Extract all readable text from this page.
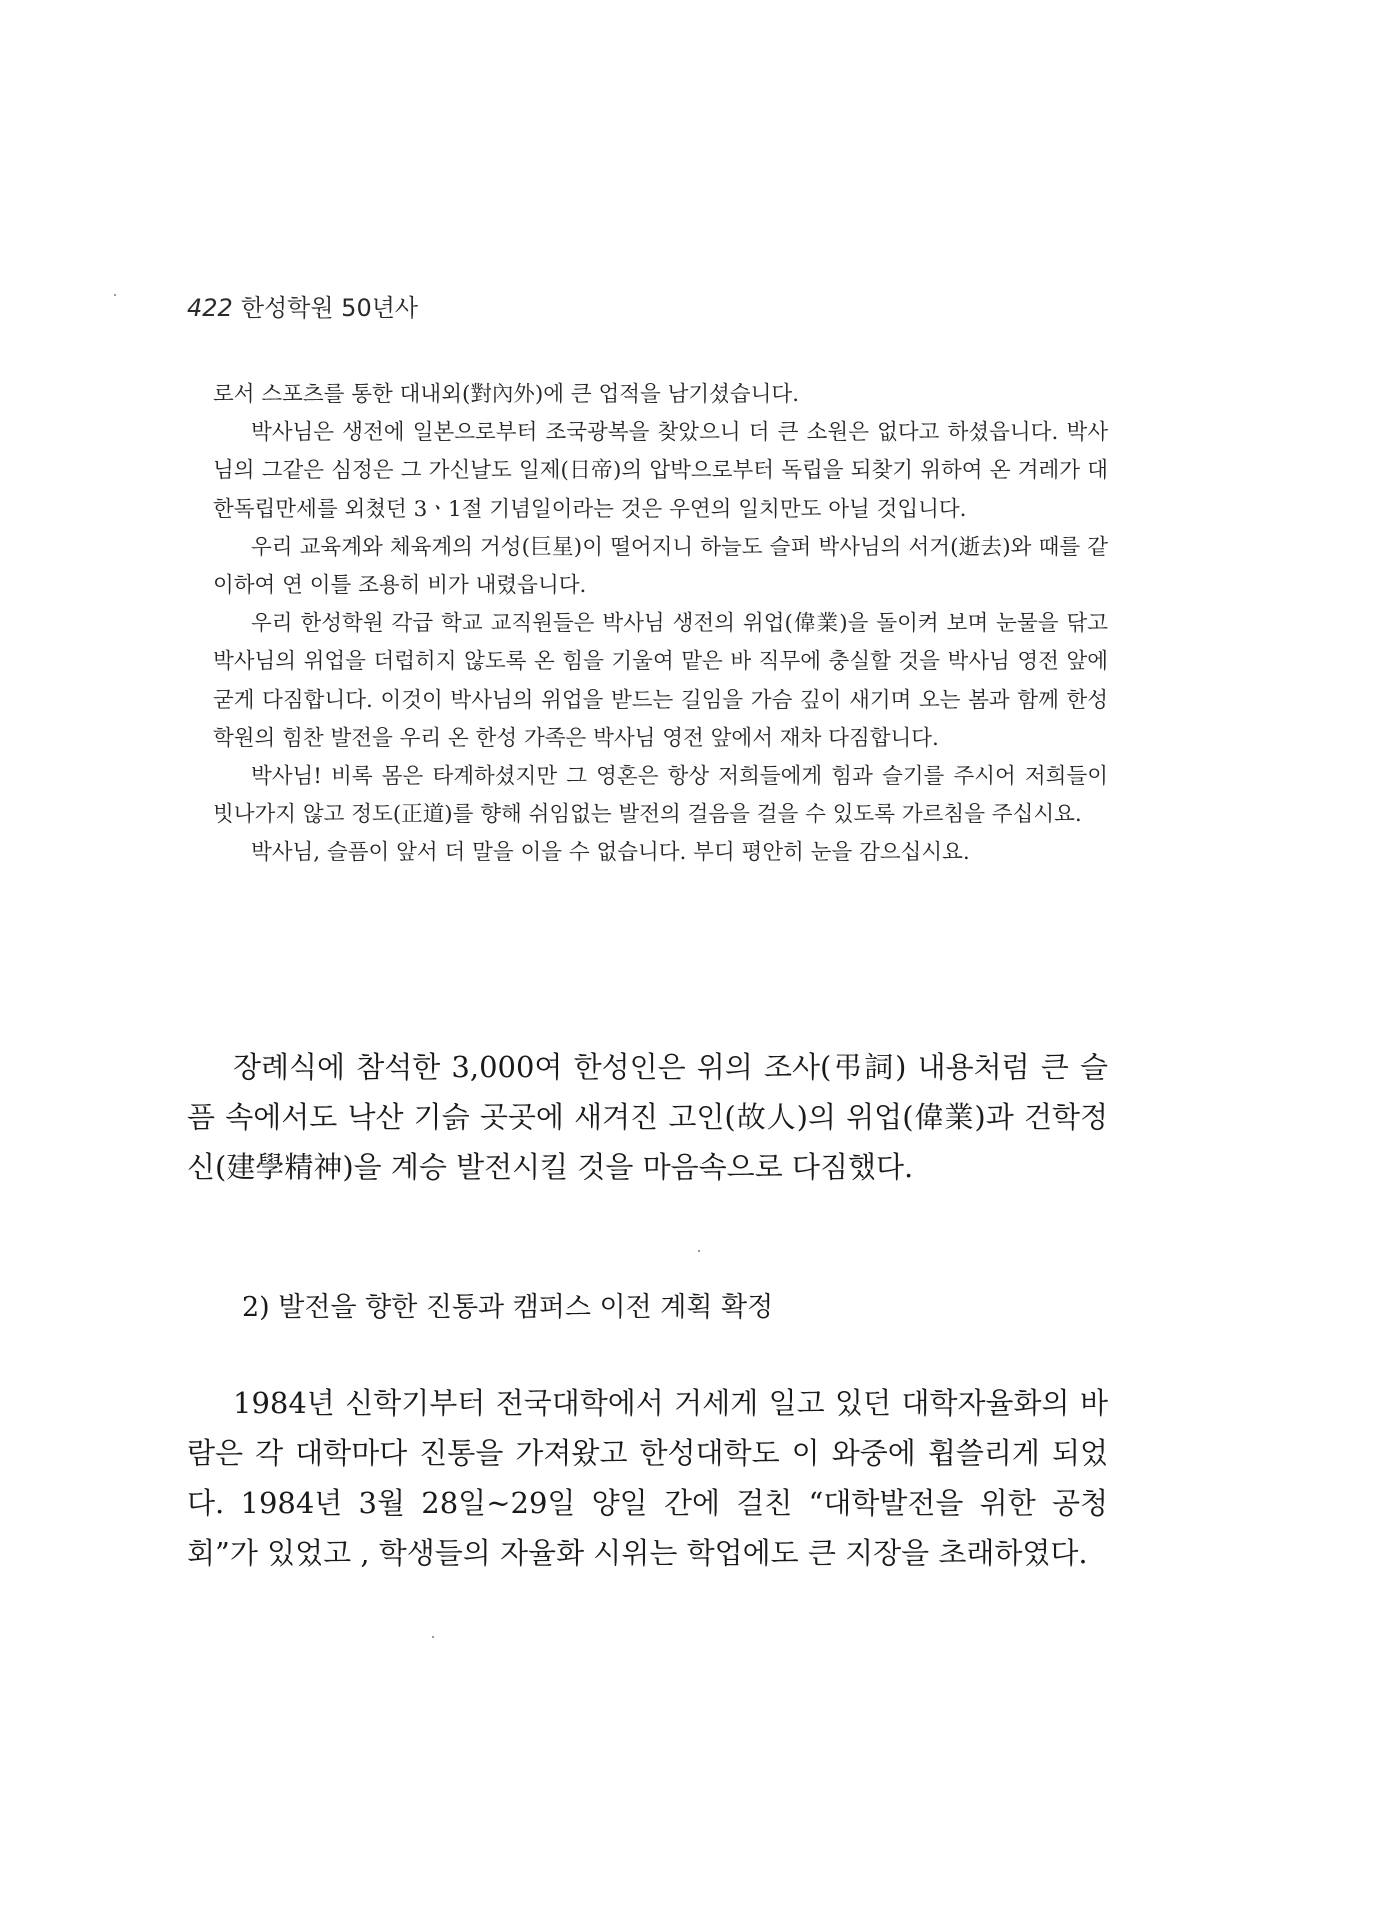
422 한성학원 50년사

로서 스포츠를 통한 대내외(對內外)에 큰 업적을 남기셨습니다.

박사님은 생전에 일본으로부터 조국광복을 찾았으니 더 큰 소원은 없다고 하셨읍니다. 박사님의 그같은 심정은 그 가신날도 일제(日帝)의 압박으로부터 독립을 되찾기 위하여 온 겨레가 대한독립만세를 외쳤던 3ㆍ1절 기념일이라는 것은 우연의 일치만도 아닐 것입니다.

우리 교육계와 체육계의 거성(巨星)이 떨어지니 하늘도 슬퍼 박사님의 서거(逝去)와 때를 같이하여 연 이틀 조용히 비가 내렸읍니다.

우리 한성학원 각급 학교 교직원들은 박사님 생전의 위업(偉業)을 돌이켜 보며 눈물을 닦고 박사님의 위업을 더럽히지 않도록 온 힘을 기울여 맡은 바 직무에 충실할 것을 박사님 영전 앞에 굳게 다짐합니다. 이것이 박사님의 위업을 받드는 길임을 가슴 깊이 새기며 오는 봄과 함께 한성학원의 힘찬 발전을 우리 온 한성 가족은 박사님 영전 앞에서 재차 다짐합니다.

박사님! 비록 몸은 타계하셨지만 그 영혼은 항상 저희들에게 힘과 슬기를 주시어 저희들이 빗나가지 않고 정도(正道)를 향해 쉬임없는 발전의 걸음을 걸을 수 있도록 가르침을 주십시요.

박사님, 슬픔이 앞서 더 말을 이을 수 없습니다. 부디 평안히 눈을 감으십시요.

장례식에 참석한 3,000여 한성인은 위의 조사(弔詞) 내용처럼 큰 슬픔 속에서도 낙산 기슭 곳곳에 새겨진 고인(故人)의 위업(偉業)과 건학정신(建學精神)을 계승 발전시킬 것을 마음속으로 다짐했다.

2) 발전을 향한 진통과 캠퍼스 이전 계획 확정

1984년 신학기부터 전국대학에서 거세게 일고 있던 대학자율화의 바람은 각 대학마다 진통을 가져왔고 한성대학도 이 와중에 휩쓸리게 되었다. 1984년 3월 28일~29일 양일 간에 걸친 “대학발전을 위한 공청회”가 있었고 , 학생들의 자율화 시위는 학업에도 큰 지장을 초래하였다.
